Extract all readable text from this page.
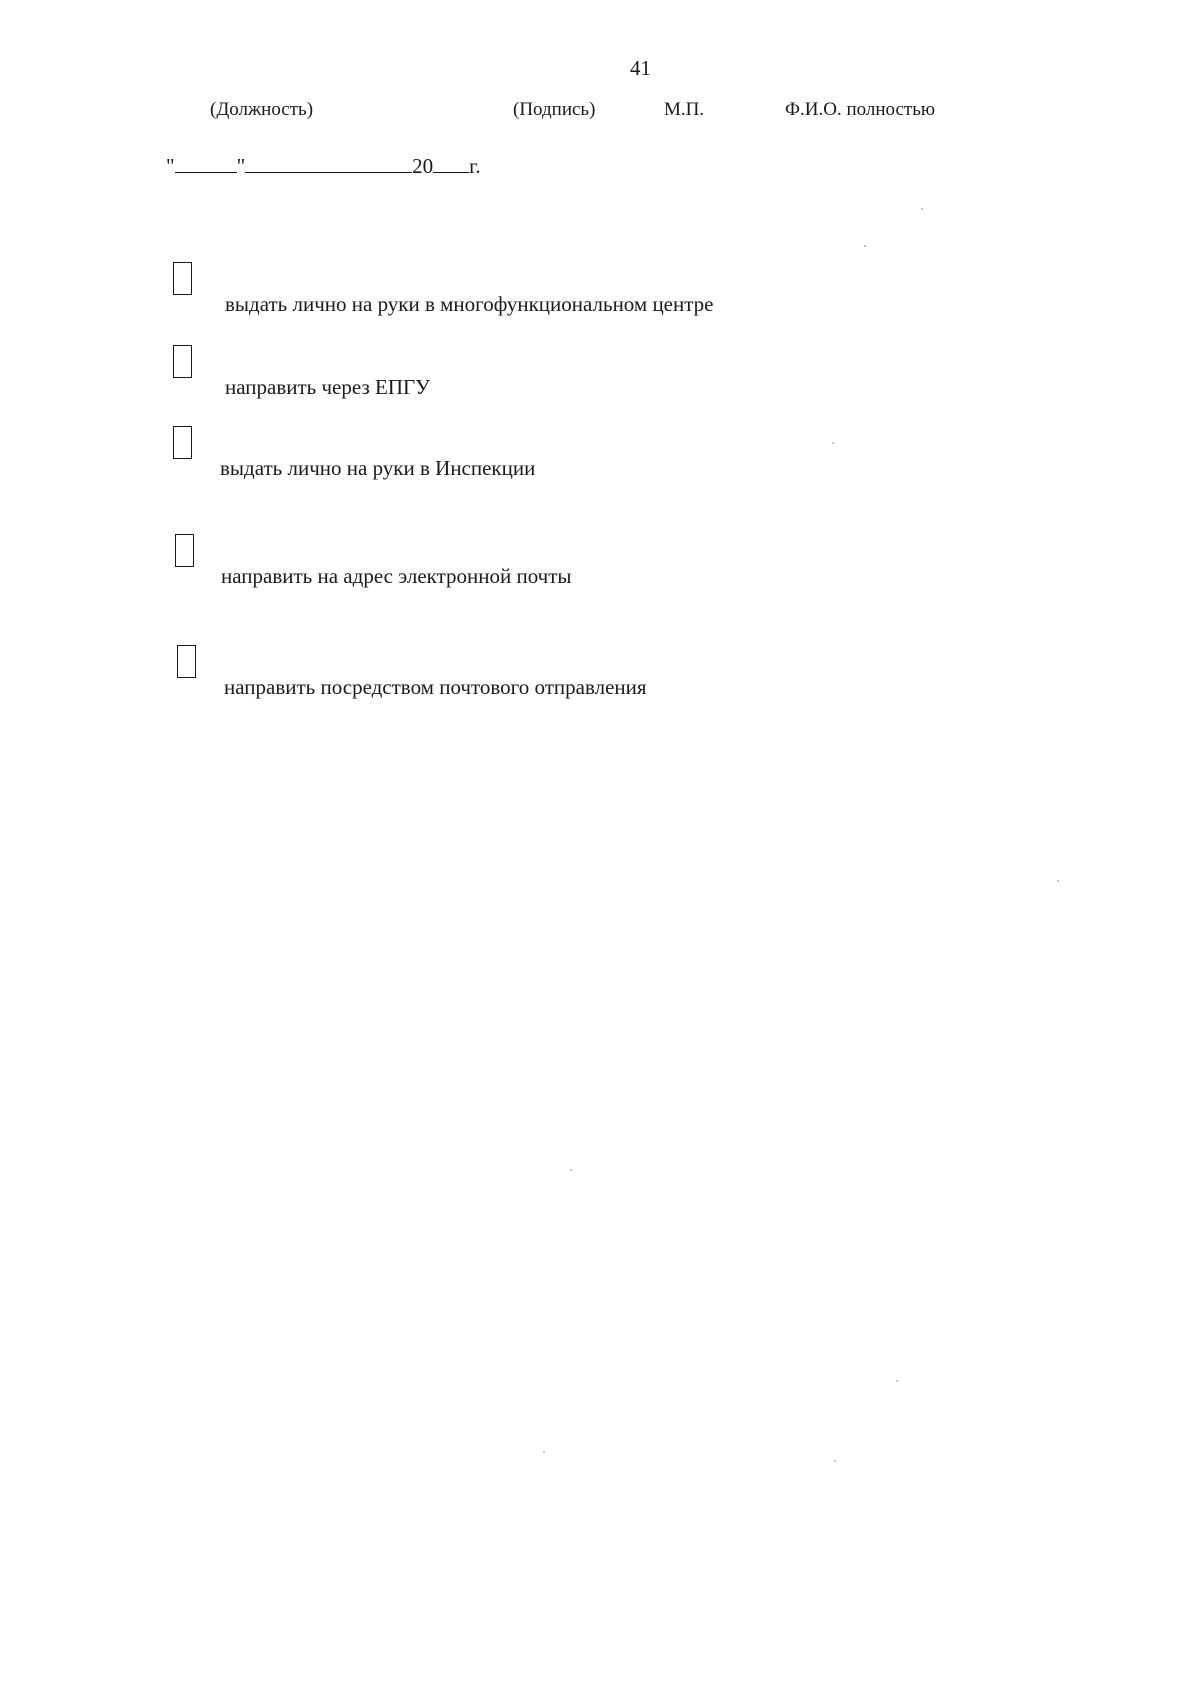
41
(Должность)	(Подпись)	М.П.	Ф.И.О. полностью
"	"	20 г.
выдать лично на руки в многофункциональном центре
направить через ЕПГУ
выдать лично на руки в Инспекции
направить на адрес электронной почты
направить посредством почтового отправления
